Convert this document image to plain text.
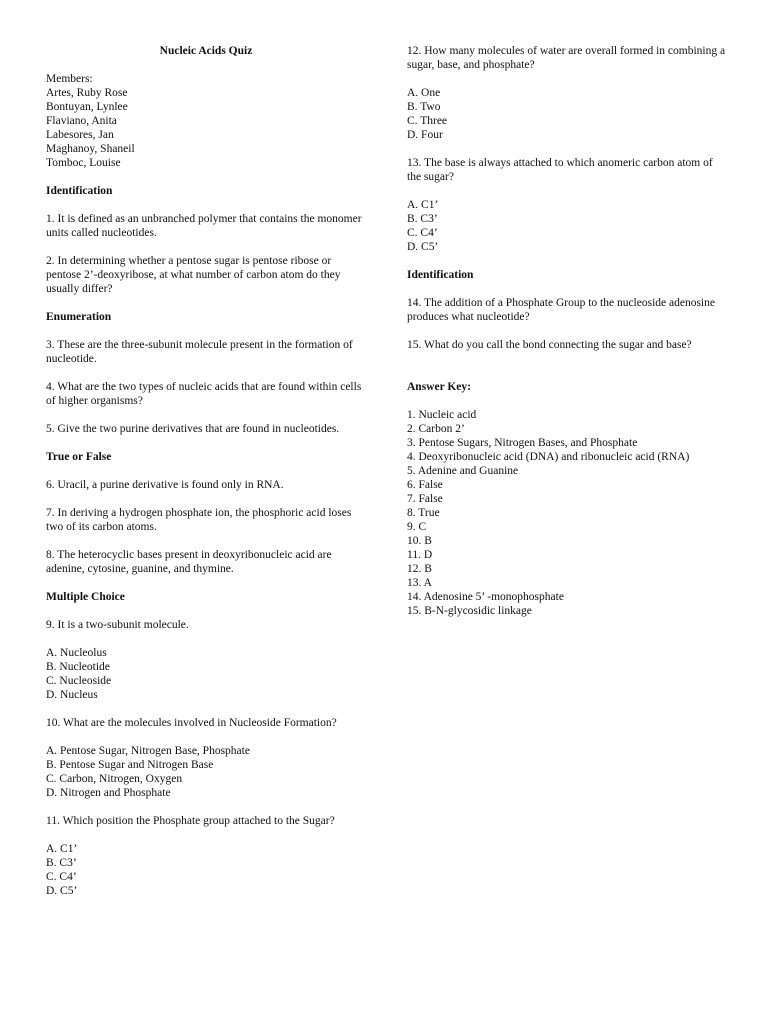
Nucleic Acids Quiz
Members:
Artes, Ruby Rose
Bontuyan, Lynlee
Flaviano, Anita
Labesores, Jan
Maghanoy, Shaneil
Tomboc, Louise
Identification
1. It is defined as an unbranched polymer that contains the monomer units called nucleotides.
2. In determining whether a pentose sugar is pentose ribose or pentose 2’-deoxyribose, at what number of carbon atom do they usually differ?
Enumeration
3. These are the three-subunit molecule present in the formation of nucleotide.
4. What are the two types of nucleic acids that are found within cells of higher organisms?
5. Give the two purine derivatives that are found in nucleotides.
True or False
6. Uracil, a purine derivative is found only in RNA.
7. In deriving a hydrogen phosphate ion, the phosphoric acid loses two of its carbon atoms.
8. The heterocyclic bases present in deoxyribonucleic acid are adenine, cytosine, guanine, and thymine.
Multiple Choice
9. It is a two-subunit molecule.
A. Nucleolus
B. Nucleotide
C. Nucleoside
D. Nucleus
10. What are the molecules involved in Nucleoside Formation?
A. Pentose Sugar, Nitrogen Base, Phosphate
B. Pentose Sugar and Nitrogen Base
C. Carbon, Nitrogen, Oxygen
D. Nitrogen and Phosphate
11. Which position the Phosphate group attached to the Sugar?
A. C1’
B. C3’
C. C4’
D. C5’
12. How many molecules of water are overall formed in combining a sugar, base, and phosphate?
A. One
B. Two
C. Three
D. Four
13. The base is always attached to which anomeric carbon atom of the sugar?
A. C1’
B. C3’
C. C4’
D. C5’
Identification
14. The addition of a Phosphate Group to the nucleoside adenosine produces what nucleotide?
15. What do you call the bond connecting the sugar and base?
Answer Key:
1. Nucleic acid
2. Carbon 2’
3. Pentose Sugars, Nitrogen Bases, and Phosphate
4. Deoxyribonucleic acid (DNA) and ribonucleic acid (RNA)
5. Adenine and Guanine
6. False
7. False
8. True
9. C
10. B
11. D
12. B
13. A
14. Adenosine 5’ -monophosphate
15. B-N-glycosidic linkage
